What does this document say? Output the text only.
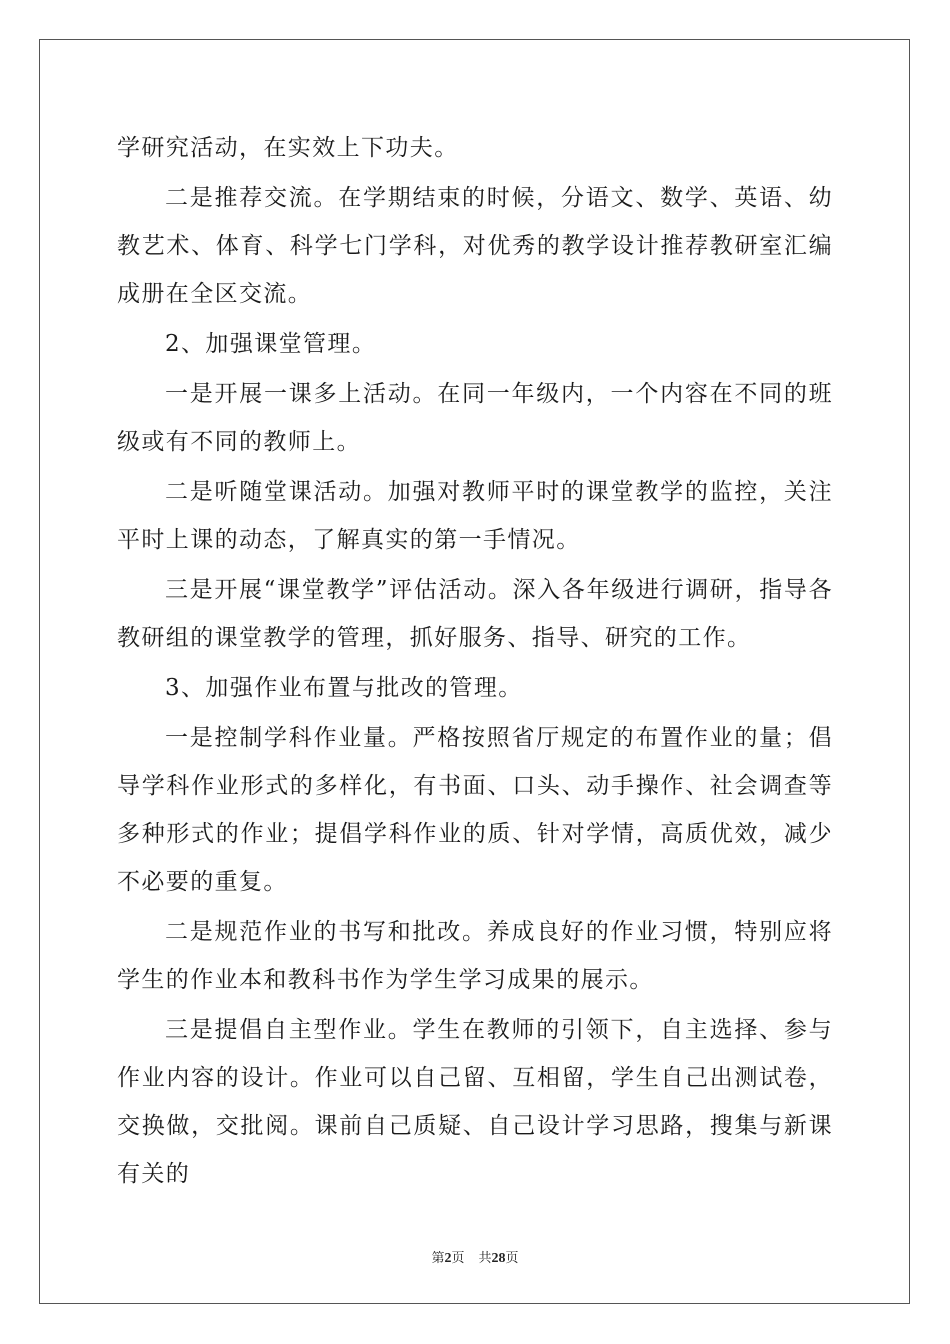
学研究活动，在实效上下功夫。

二是推荐交流。在学期结束的时候，分语文、数学、英语、幼教艺术、体育、科学七门学科，对优秀的教学设计推荐教研室汇编成册在全区交流。

2、加强课堂管理。

一是开展一课多上活动。在同一年级内，一个内容在不同的班级或有不同的教师上。

二是听随堂课活动。加强对教师平时的课堂教学的监控，关注平时上课的动态，了解真实的第一手情况。

三是开展“课堂教学”评估活动。深入各年级进行调研，指导各教研组的课堂教学的管理，抓好服务、指导、研究的工作。

3、加强作业布置与批改的管理。

一是控制学科作业量。严格按照省厅规定的布置作业的量；倡导学科作业形式的多样化，有书面、口头、动手操作、社会调查等多种形式的作业；提倡学科作业的质、针对学情，高质优效，减少不必要的重复。

二是规范作业的书写和批改。养成良好的作业习惯，特别应将学生的作业本和教科书作为学生学习成果的展示。

三是提倡自主型作业。学生在教师的引领下，自主选择、参与作业内容的设计。作业可以自己留、互相留，学生自己出测试卷，交换做，交批阅。课前自己质疑、自己设计学习思路，搜集与新课有关的

第2页 共28页
